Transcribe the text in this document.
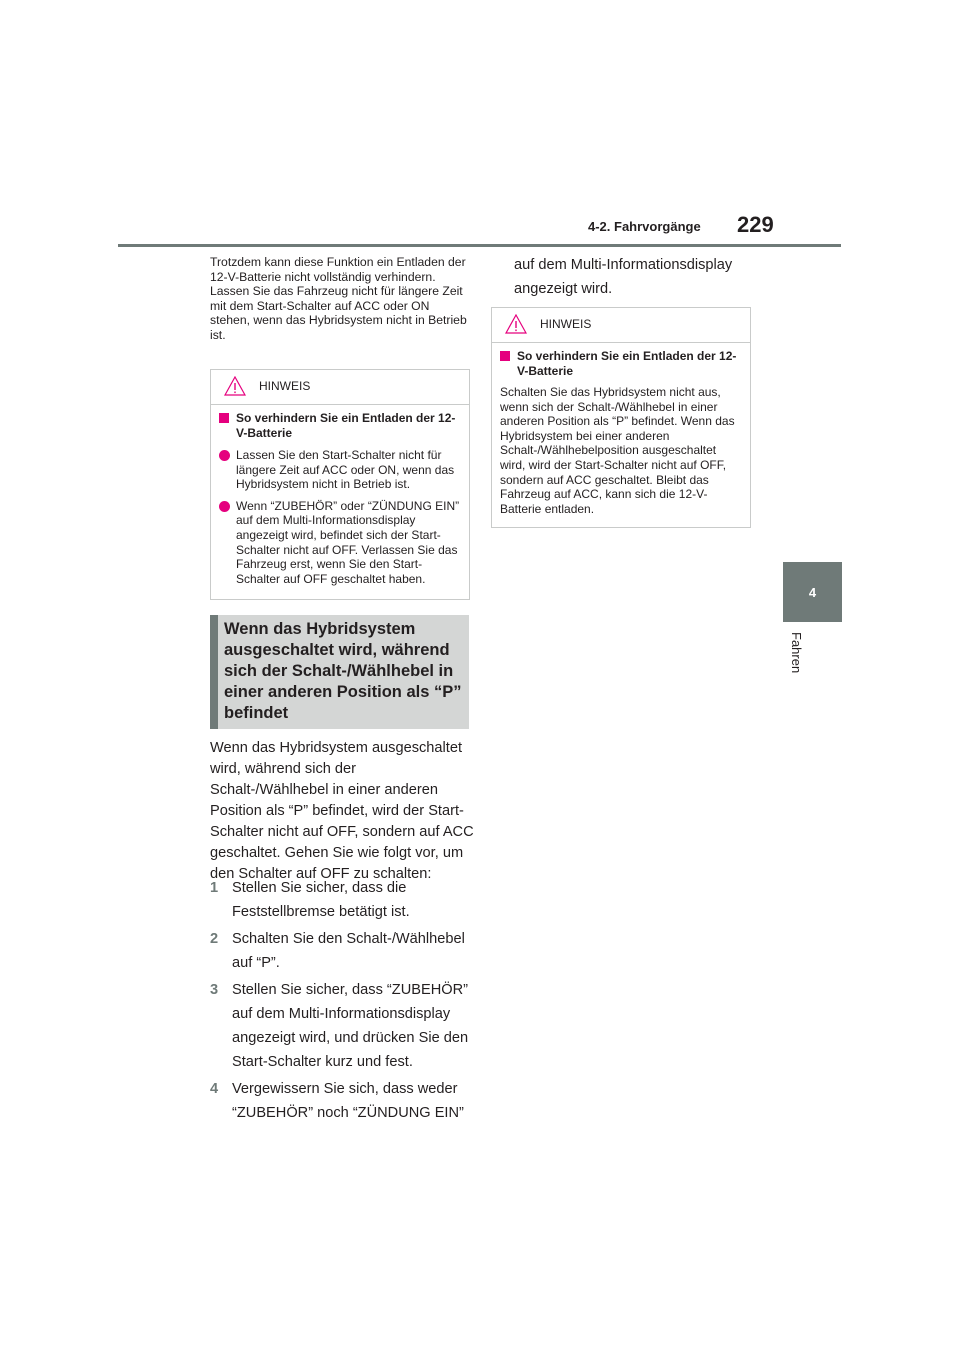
4-2. Fahrvorgänge 229
4
Fahren
Trotzdem kann diese Funktion ein Entladen der 12-V-Batterie nicht vollständig verhindern. Lassen Sie das Fahrzeug nicht für längere Zeit mit dem Start-Schalter auf ACC oder ON stehen, wenn das Hybridsystem nicht in Betrieb ist.
HINWEIS
So verhindern Sie ein Entladen der 12-V-Batterie
Lassen Sie den Start-Schalter nicht für längere Zeit auf ACC oder ON, wenn das Hybridsystem nicht in Betrieb ist.
Wenn “ZUBEHÖR” oder “ZÜNDUNG EIN” auf dem Multi-Informationsdisplay angezeigt wird, befindet sich der Start-Schalter nicht auf OFF. Verlassen Sie das Fahrzeug erst, wenn Sie den Start-Schalter auf OFF geschaltet haben.
Wenn das Hybridsystem ausgeschaltet wird, während sich der Schalt-/Wählhebel in einer anderen Position als “P” befindet
Wenn das Hybridsystem ausgeschaltet wird, während sich der Schalt-/Wählhebel in einer anderen Position als “P” befindet, wird der Start-Schalter nicht auf OFF, sondern auf ACC geschaltet. Gehen Sie wie folgt vor, um den Schalter auf OFF zu schalten:
1 Stellen Sie sicher, dass die Feststellbremse betätigt ist.
2 Schalten Sie den Schalt-/Wählhebel auf “P”.
3 Stellen Sie sicher, dass “ZUBEHÖR” auf dem Multi-Informationsdisplay angezeigt wird, und drücken Sie den Start-Schalter kurz und fest.
4 Vergewissern Sie sich, dass weder “ZUBEHÖR” noch “ZÜNDUNG EIN”
auf dem Multi-Informationsdisplay angezeigt wird.
HINWEIS
So verhindern Sie ein Entladen der 12-V-Batterie
Schalten Sie das Hybridsystem nicht aus, wenn sich der Schalt-/Wählhebel in einer anderen Position als “P” befindet. Wenn das Hybridsystem bei einer anderen Schalt-/Wählhebelposition ausgeschaltet wird, wird der Start-Schalter nicht auf OFF, sondern auf ACC geschaltet. Bleibt das Fahrzeug auf ACC, kann sich die 12-V-Batterie entladen.
